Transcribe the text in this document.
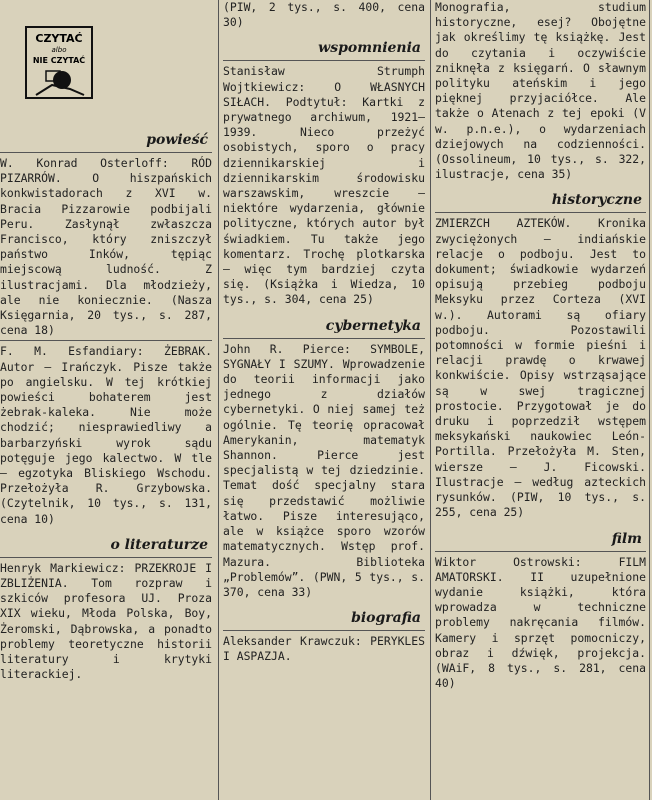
CZYTAĆ
albo
NIE CZYTAĆ
powieść

W. Konrad Osterloff: RÓD PIZARRÓW. O hiszpańskich konkwistadorach z XVI w. Bracia Pizzarowie podbijali Peru. Zasłynął zwłaszcza Francisco, który zniszczył państwo Inków, tępiąc miejscową ludność. Z ilustracjami. Dla młodzieży, ale nie koniecznie. (Nasza Księgarnia, 20 tys., s. 287, cena 18)

F. M. Esfandiary: ŻEBRAK. Autor — Irańczyk. Pisze także po angielsku. W tej krótkiej powieści bohaterem jest żebrak-kaleka. Nie może chodzić; niesprawiedliwy a barbarzyński wyrok sądu potęguje jego kalectwo. W tle — egzotyka Bliskiego Wschodu. Przełożyła R. Grzybowska. (Czytelnik, 10 tys., s. 131, cena 10)

o literaturze

Henryk Markiewicz: PRZEKROJE I ZBLIŻENIA. Tom rozpraw i szkiców profesora UJ. Proza XIX wieku, Młoda Polska, Boy, Żeromski, Dąbrowska, a ponadto problemy teoretyczne historii literatury i krytyki literackiej.

(PIW, 2 tys., s. 400, cena 30)

wspomnienia

Stanisław Strumph Wojtkiewicz: O WŁASNYCH SIŁACH. Podtytuł: Kartki z prywatnego archiwum, 1921—1939. Nieco przeżyć osobistych, sporo o pracy dziennikarskiej i dziennikarskim środowisku warszawskim, wreszcie — niektóre wydarzenia, głównie polityczne, których autor był świadkiem. Tu także jego komentarz. Trochę plotkarska — więc tym bardziej czyta się. (Książka i Wiedza, 10 tys., s. 304, cena 25)

cybernetyka

John R. Pierce: SYMBOLE, SYGNAŁY I SZUMY. Wprowadzenie do teorii informacji jako jednego z działów cybernetyki. O niej samej też ogólnie. Tę teorię opracował Amerykanin, matematyk Shannon. Pierce jest specjalistą w tej dziedzinie. Temat dość specjalny stara się przedstawić możliwie łatwo. Pisze interesująco, ale w książce sporo wzorów matematycznych. Wstęp prof. Mazura. Biblioteka „Problemów”. (PWN, 5 tys., s. 370, cena 33)

biografia

Aleksander Krawczuk: PERYKLES I ASPAZJA.

Monografia, studium historyczne, esej? Obojętne jak określimy tę książkę. Jest do czytania i oczywiście zniknęła z księgarń. O sławnym polityku ateńskim i jego pięknej przyjaciółce. Ale także o Atenach z tej epoki (V w. p.n.e.), o wydarzeniach dziejowych na codzienności. (Ossolineum, 10 tys., s. 322, ilustracje, cena 35)

historyczne

ZMIERZCH AZTEKÓW. Kronika zwyciężonych — indiańskie relacje o podboju. Jest to dokument; świadkowie wydarzeń opisują przebieg podboju Meksyku przez Corteza (XVI w.). Autorami są ofiary podboju. Pozostawili potomności w formie pieśni i relacji prawdę o krwawej konkwiście. Opisy wstrząsające są w swej tragicznej prostocie. Przygotował je do druku i poprzedził wstępem meksykański naukowiec León-Portilla. Przełożyła M. Sten, wiersze — J. Ficowski. Ilustracje — według azteckich rysunków. (PIW, 10 tys., s. 255, cena 25)

film

Wiktor Ostrowski: FILM AMATORSKI. II uzupełnione wydanie książki, która wprowadza w techniczne problemy nakręcania filmów. Kamery i sprzęt pomocniczy, obraz i dźwięk, projekcja. (WAiF, 8 tys., s. 281, cena 40)
